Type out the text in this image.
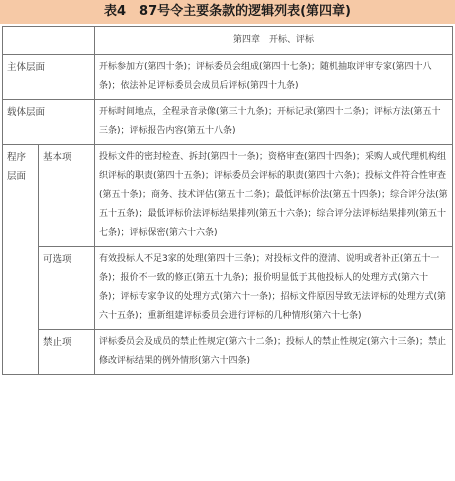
表4　87号令主要条款的逻辑列表(第四章)
		第四章　开标、评标
主体层面		开标参加方(第四十条)；评标委员会组成(第四十七条)；随机抽取评审专家(第四十八条)；依法补足评标委员会成员后评标(第四十九条)
载体层面		开标时间地点，全程录音录像(第三十九条)；开标记录(第四十二条)；评标方法(第五十三条)；评标报告内容(第五十八条)
程序层面	基本项	投标文件的密封检查、拆封(第四十一条)；资格审查(第四十四条)；采购人或代理机构组织评标的职责(第四十五条)；评标委员会评标的职责(第四十六条)；投标文件符合性审查(第五十条)；商务、技术评估(第五十二条)；最低评标价法(第五十四条)；综合评分法(第五十五条)；最低评标价法评标结果排列(第五十六条)；综合评分法评标结果排列(第五十七条)；评标保密(第六十六条)
	可选项	有效投标人不足3家的处理(第四十三条)；对投标文件的澄清、说明或者补正(第五十一条)；报价不一致的修正(第五十九条)；报价明显低于其他投标人的处理方式(第六十条)；评标专家争议的处理方式(第六十一条)；招标文件原因导致无法评标的处理方式(第六十五条)；重新组建评标委员会进行评标的几种情形(第六十七条)
	禁止项	评标委员会及成员的禁止性规定(第六十二条)；投标人的禁止性规定(第六十三条)；禁止修改评标结果的例外情形(第六十四条)
